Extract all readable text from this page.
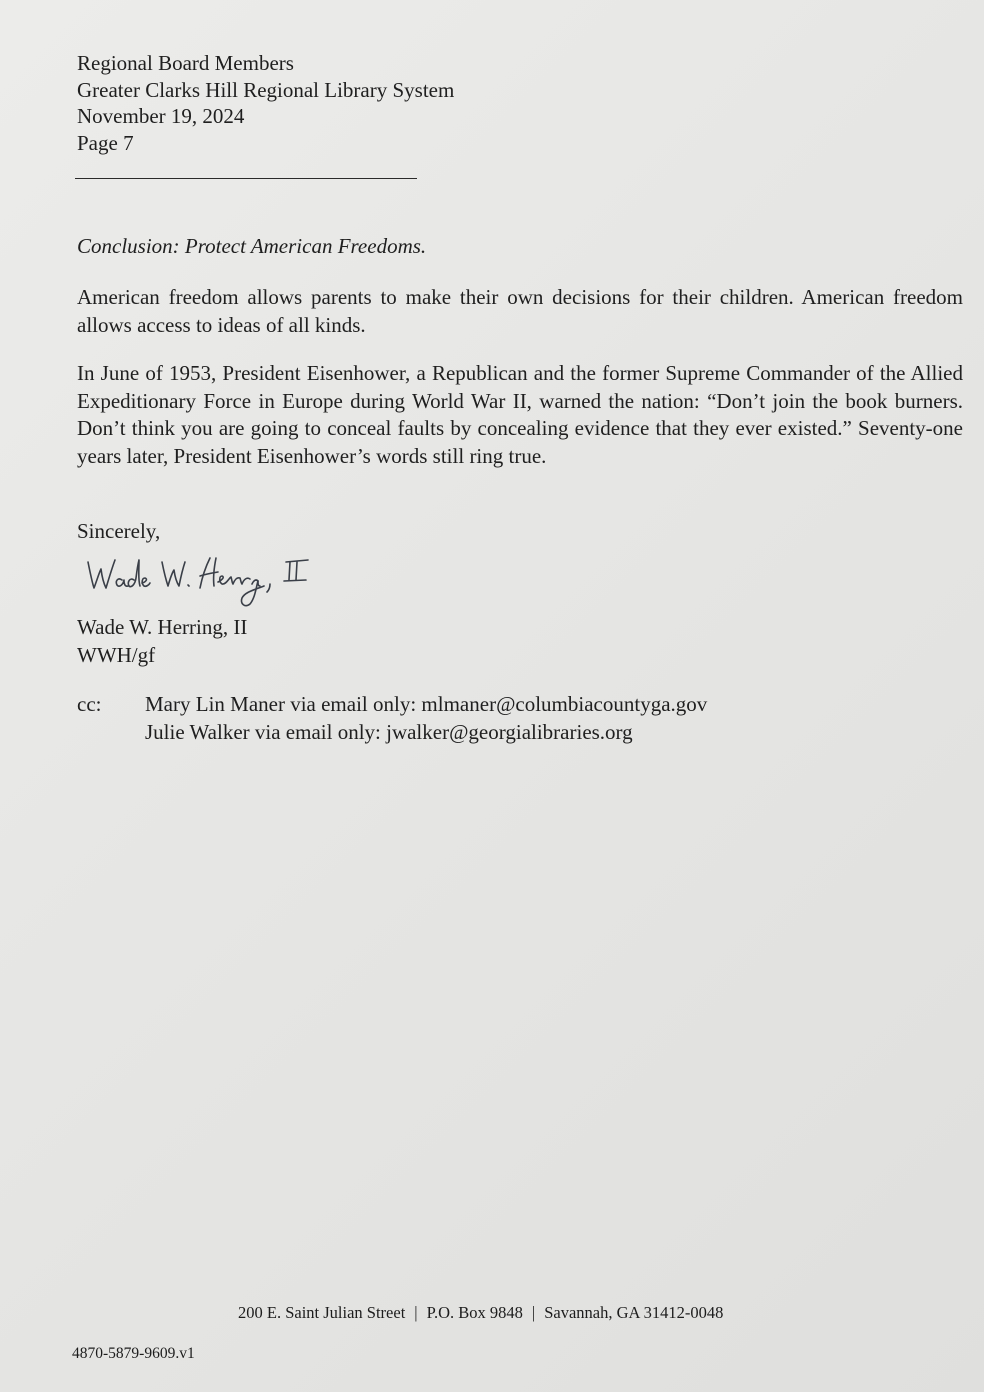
Regional Board Members
Greater Clarks Hill Regional Library System
November 19, 2024
Page 7
Conclusion: Protect American Freedoms.
American freedom allows parents to make their own decisions for their children. American freedom allows access to ideas of all kinds.
In June of 1953, President Eisenhower, a Republican and the former Supreme Commander of the Allied Expeditionary Force in Europe during World War II, warned the nation: “Don’t join the book burners. Don’t think you are going to conceal faults by concealing evidence that they ever existed.” Seventy-one years later, President Eisenhower’s words still ring true.
Sincerely,
Wade W. Herring, II
WWH/gf
cc:	Mary Lin Maner via email only: mlmaner@columbiacountyga.gov
Julie Walker via email only: jwalker@georgialibraries.org
200 E. Saint Julian Street | P.O. Box 9848 | Savannah, GA 31412-0048
4870-5879-9609.v1
